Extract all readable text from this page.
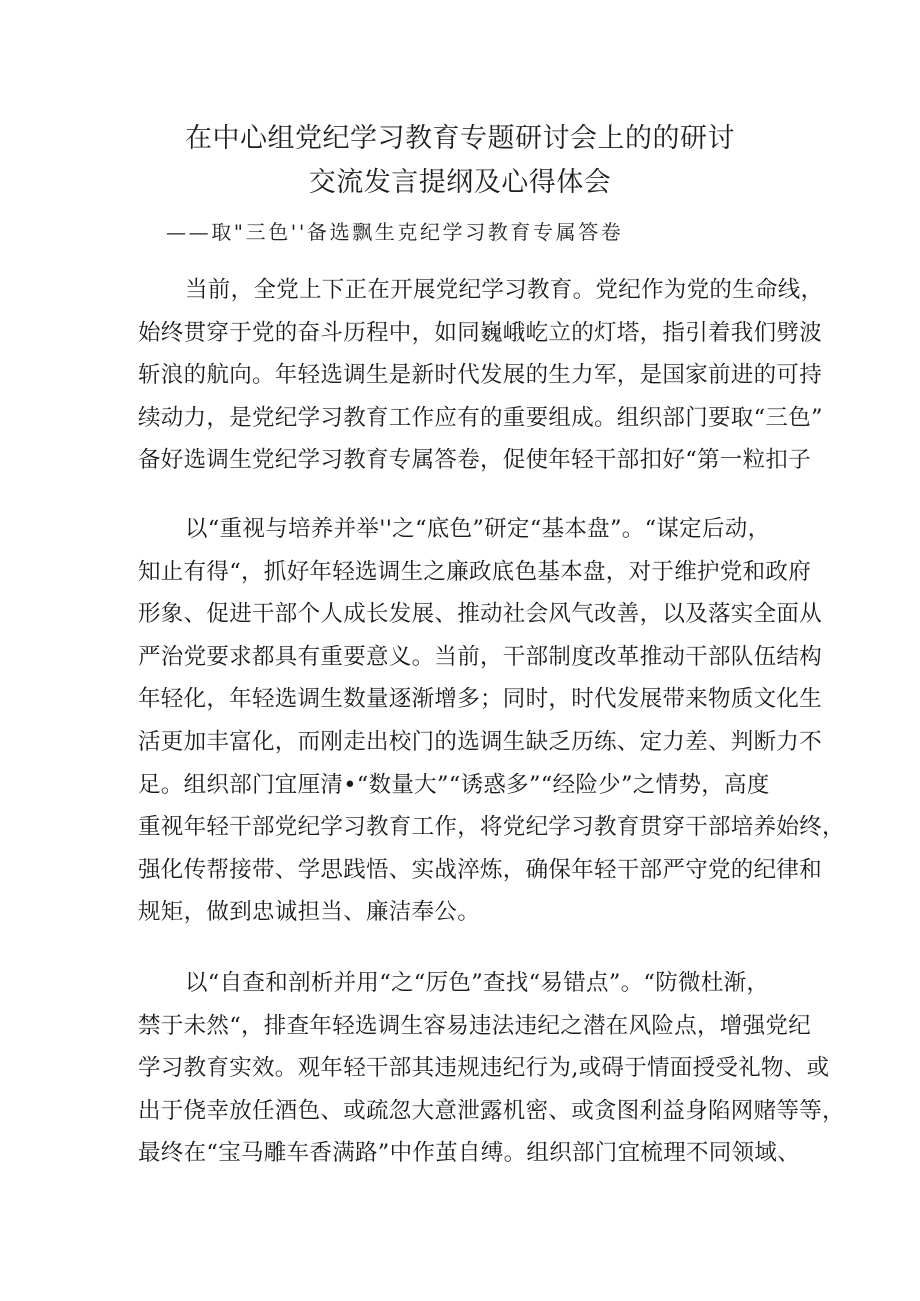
在中心组党纪学习教育专题研讨会上的的研讨
交流发言提纲及心得体会
——取"三色''备选飘生克纪学习教育专属答卷
当前，全党上下正在开展党纪学习教育。党纪作为党的生命线，
始终贯穿于党的奋斗历程中，如同巍峨屹立的灯塔，指引着我们劈波
斩浪的航向。年轻选调生是新时代发展的生力军，是国家前进的可持
续动力，是党纪学习教育工作应有的重要组成。组织部门要取“三色”
备好选调生党纪学习教育专属答卷，促使年轻干部扣好“第一粒扣子
以“重视与培养并举''之“底色”研定“基本盘”。“谋定后动，
知止有得“，抓好年轻选调生之廉政底色基本盘，对于维护党和政府
形象、促进干部个人成长发展、推动社会风气改善，以及落实全面从
严治党要求都具有重要意义。当前，干部制度改革推动干部队伍结构
年轻化，年轻选调生数量逐渐增多；同时，时代发展带来物质文化生
活更加丰富化，而刚走出校门的选调生缺乏历练、定力差、判断力不
足。组织部门宜厘清•“数量大”“诱惑多”“经险少”之情势，高度
重视年轻干部党纪学习教育工作，将党纪学习教育贯穿干部培养始终，
强化传帮接带、学思践悟、实战淬炼，确保年轻干部严守党的纪律和
规矩，做到忠诚担当、廉洁奉公。
以“自查和剖析并用“之“厉色”查找“易错点”。“防微杜渐，
禁于未然“，排查年轻选调生容易违法违纪之潜在风险点，增强党纪
学习教育实效。观年轻干部其违规违纪行为,或碍于情面授受礼物、或
出于侥幸放任酒色、或疏忽大意泄露机密、或贪图利益身陷网赌等等，
最终在“宝马雕车香满路”中作茧自缚。组织部门宜梳理不同领域、
